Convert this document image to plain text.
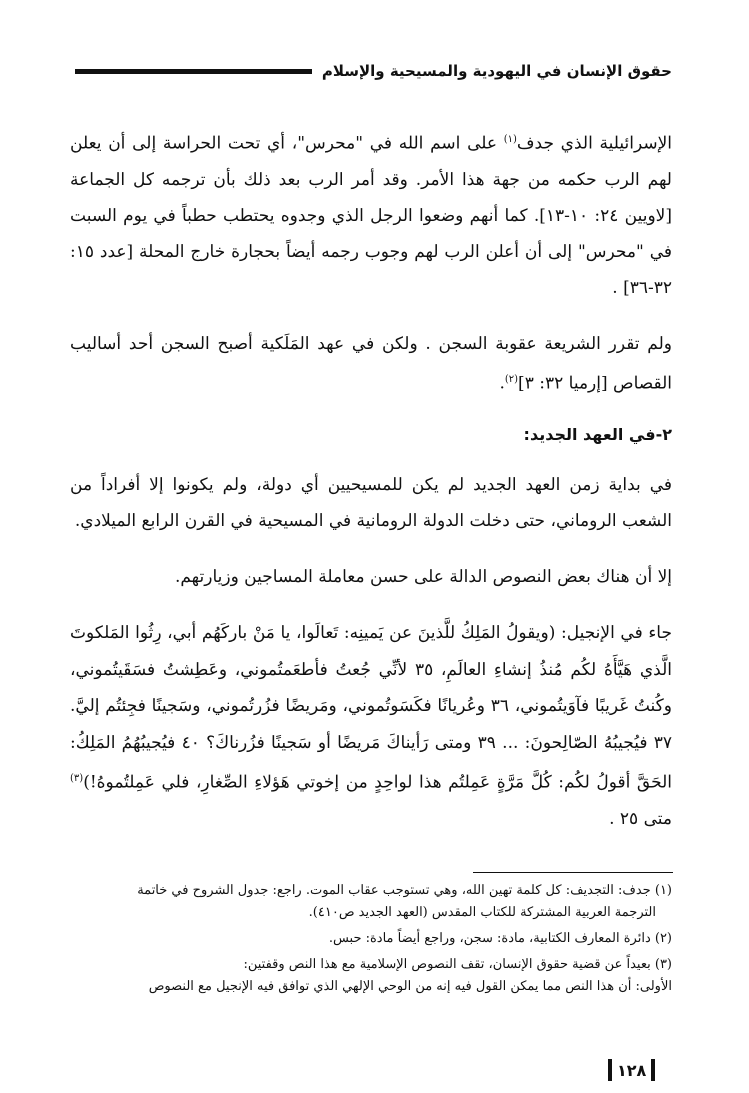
حقوق الإنسان في اليهودية والمسيحية والإسلام

الإسرائيلية الذي جدف$^{(١)}$ على اسم الله في "محرس"، أي تحت الحراسة إلى أن يعلن لهم الرب حكمه من جهة هذا الأمر. وقد أمر الرب بعد ذلك بأن ترجمه كل الجماعة [لاويين ٢٤: ١٠-١٣]. كما أنهم وضعوا الرجل الذي وجدوه يحتطب حطباً في يوم السبت في "محرس" إلى أن أعلن الرب لهم وجوب رجمه أيضاً بحجارة خارج المحلة [عدد ١٥: ٣٢-٣٦] .

ولم تقرر الشريعة عقوبة السجن . ولكن في عهد المَلَكية أصبح السجن أحد أساليب القصاص [إرميا ٣٢: ٣]$^{(٢)}$.

٢-في العهد الجديد:

في بداية زمن العهد الجديد لم يكن للمسيحيين أي دولة، ولم يكونوا إلا أفراداً من الشعب الروماني، حتى دخلت الدولة الرومانية في المسيحية في القرن الرابع الميلادي.

إلا أن هناك بعض النصوص الدالة على حسن معاملة المساجين وزيارتهم.

جاء في الإنجيل: (ويقولُ المَلِكُ للَّذينَ عن يَمينِه: تَعالَوا، يا مَنْ باركَهُم أبي، رِثُوا المَلكوتَ الَّذي هَيَّأَهُ لكُم مُنذُ إنشاءِ العالَمِ، ٣٥ لأنِّي جُعتُ فأطعَمتُموني، وعَطِشتُ فسَقَيتُموني، وكُنتُ غَريبًا فآوَيتُموني، ٣٦ وعُريانًا فكَسَوتُموني، ومَريضًا فزُرتُموني، وسَجينًا فجِئتُم إليَّ. ٣٧ فيُجيبُهُ الصّالِحونَ: ... ٣٩ ومتى رَأيناكَ مَريضًا أو سَجينًا فزُرناكَ؟ ٤٠ فيُجيبُهُمُ المَلِكُ: الحَقَّ أقولُ لكُم: كُلَّ مَرَّةٍ عَمِلتُم هذا لواحِدٍ من إخوتي هَؤلاءِ الصِّغارِ، فلي عَمِلتُموهُ!)$^{(٣)}$ متى ٢٥ .

(١) جدف: التجديف: كل كلمة تهين الله، وهي تستوجب عقاب الموت. راجع: جدول الشروح في خاتمة

الترجمة العربية المشتركة للكتاب المقدس (العهد الجديد ص٤١٠).

(٢) دائرة المعارف الكتابية، مادة: سجن، وراجع أيضاً مادة: حبس.

(٣) بعيداً عن قضية حقوق الإنسان، تقف النصوص الإسلامية مع هذا النص وقفتين:

الأولى: أن هذا النص مما يمكن القول فيه إنه من الوحي الإلهي الذي توافق فيه الإنجيل مع النصوص

١٢٨
